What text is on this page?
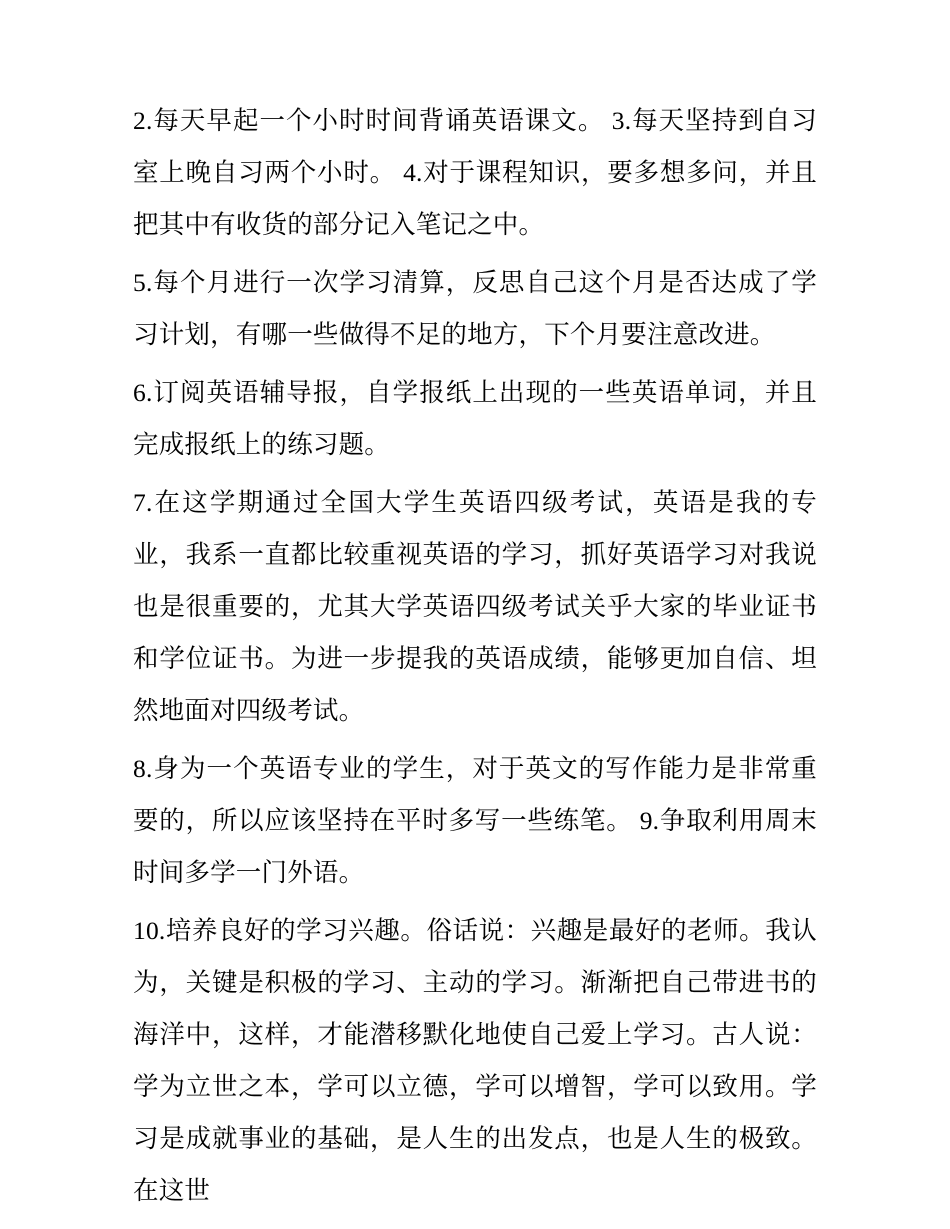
2.每天早起一个小时时间背诵英语课文。 3.每天坚持到自习室上晚自习两个小时。 4.对于课程知识，要多想多问，并且把其中有收货的部分记入笔记之中。

5.每个月进行一次学习清算，反思自己这个月是否达成了学习计划，有哪一些做得不足的地方，下个月要注意改进。

6.订阅英语辅导报，自学报纸上出现的一些英语单词，并且完成报纸上的练习题。

7.在这学期通过全国大学生英语四级考试，英语是我的专业，我系一直都比较重视英语的学习，抓好英语学习对我说也是很重要的，尤其大学英语四级考试关乎大家的毕业证书和学位证书。为进一步提我的英语成绩，能够更加自信、坦然地面对四级考试。

8.身为一个英语专业的学生，对于英文的写作能力是非常重要的，所以应该坚持在平时多写一些练笔。 9.争取利用周末时间多学一门外语。

10.培养良好的学习兴趣。俗话说：兴趣是最好的老师。我认为，关键是积极的学习、主动的学习。渐渐把自己带进书的海洋中，这样，才能潜移默化地使自己爱上学习。古人说：学为立世之本，学可以立德，学可以增智，学可以致用。学习是成就事业的基础，是人生的出发点，也是人生的极致。在这世
